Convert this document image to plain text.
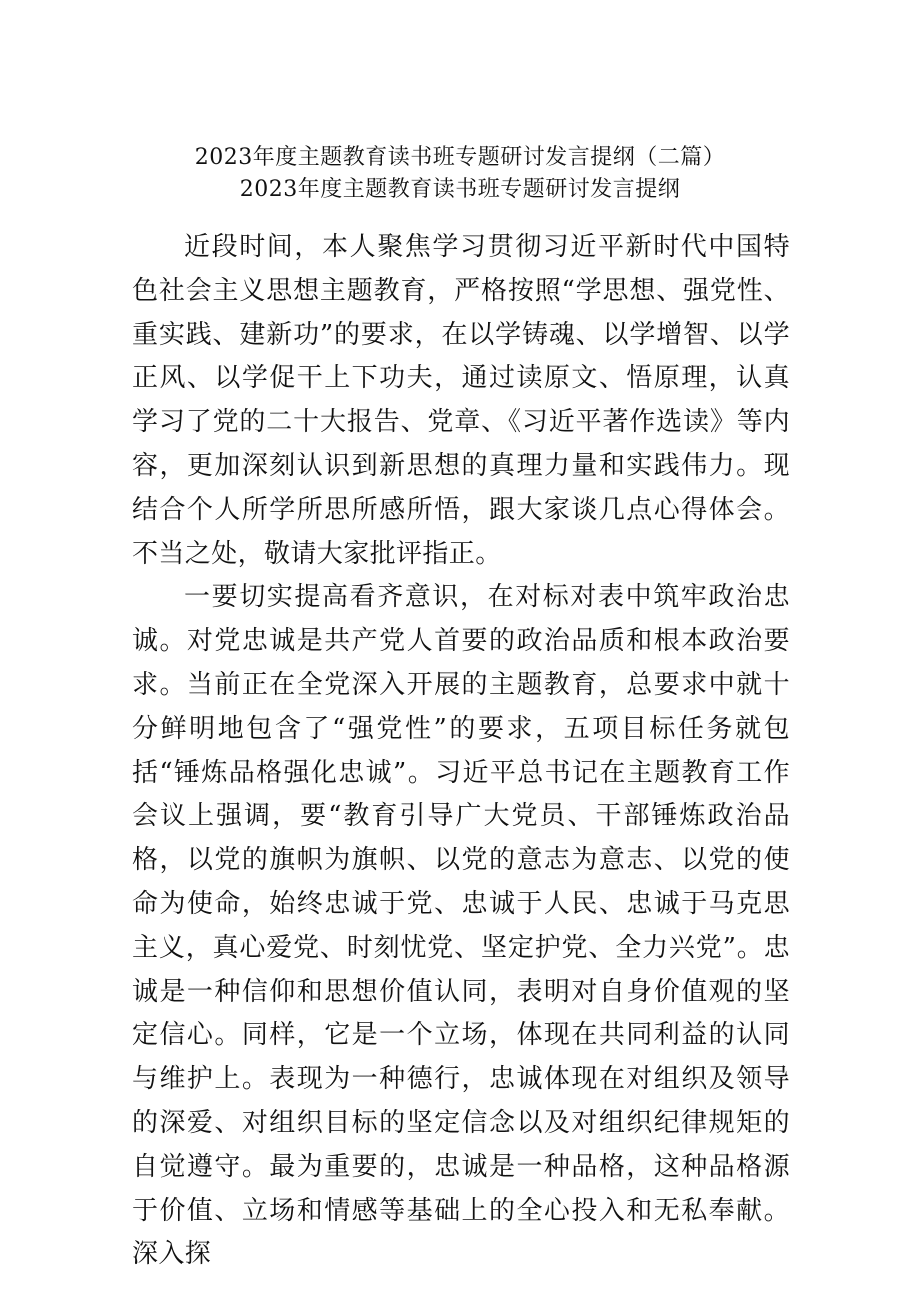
2023年度主题教育读书班专题研讨发言提纲（二篇）
2023年度主题教育读书班专题研讨发言提纲

近段时间，本人聚焦学习贯彻习近平新时代中国特色社会主义思想主题教育，严格按照“学思想、强党性、重实践、建新功”的要求，在以学铸魂、以学增智、以学正风、以学促干上下功夫，通过读原文、悟原理，认真学习了党的二十大报告、党章、《习近平著作选读》等内容，更加深刻认识到新思想的真理力量和实践伟力。现结合个人所学所思所感所悟，跟大家谈几点心得体会。不当之处，敬请大家批评指正。

一要切实提高看齐意识，在对标对表中筑牢政治忠诚。对党忠诚是共产党人首要的政治品质和根本政治要求。当前正在全党深入开展的主题教育，总要求中就十分鲜明地包含了“强党性”的要求，五项目标任务就包括“锤炼品格强化忠诚”。习近平总书记在主题教育工作会议上强调，要“教育引导广大党员、干部锤炼政治品格，以党的旗帜为旗帜、以党的意志为意志、以党的使命为使命，始终忠诚于党、忠诚于人民、忠诚于马克思主义，真心爱党、时刻忧党、坚定护党、全力兴党”。忠诚是一种信仰和思想价值认同，表明对自身价值观的坚定信心。同样，它是一个立场，体现在共同利益的认同与维护上。表现为一种德行，忠诚体现在对组织及领导的深爱、对组织目标的坚定信念以及对组织纪律规矩的自觉遵守。最为重要的，忠诚是一种品格，这种品格源于价值、立场和情感等基础上的全心投入和无私奉献。深入探
